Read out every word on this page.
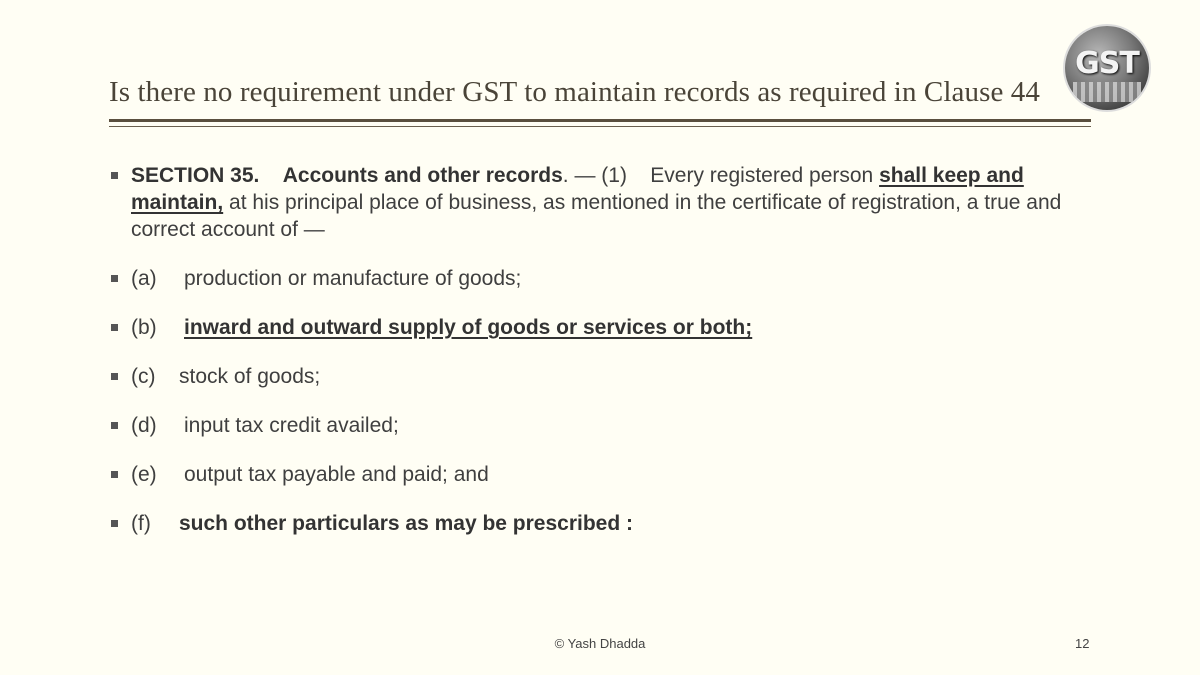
Is there no requirement under GST to maintain records as required in Clause 44
GST
SECTION 35. Accounts and other records. — (1) Every registered person shall keep and maintain, at his principal place of business, as mentioned in the certificate of registration, a true and correct account of —
(a) production or manufacture of goods;
(b) inward and outward supply of goods or services or both;
(c) stock of goods;
(d) input tax credit availed;
(e) output tax payable and paid; and
(f) such other particulars as may be prescribed :
© Yash Dhadda	12
